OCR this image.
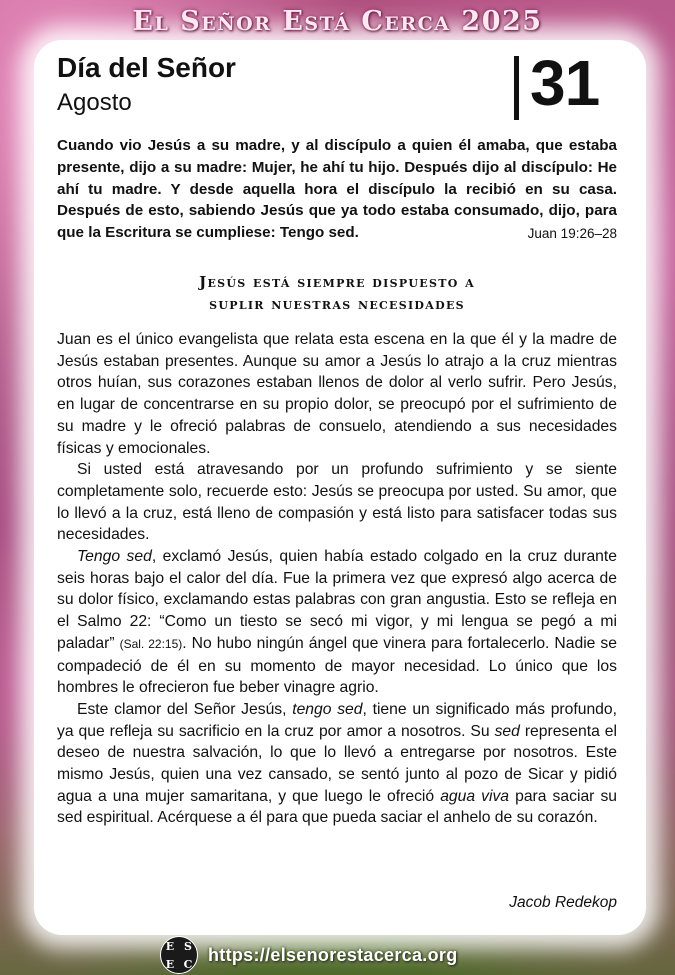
El Señor Está Cerca 2025
Día del Señor
Agosto	31
Cuando vio Jesús a su madre, y al discípulo a quien él amaba, que estaba presente, dijo a su madre: Mujer, he ahí tu hijo. Después dijo al discípulo: He ahí tu madre. Y desde aquella hora el discípulo la recibió en su casa. Después de esto, sabiendo Jesús que ya todo estaba consumado, dijo, para que la Escritura se cumpliese: Tengo sed.	Juan 19:26–28
Jesús está siempre dispuesto a
suplir nuestras necesidades

Juan es el único evangelista que relata esta escena en la que él y la madre de Jesús estaban presentes. Aunque su amor a Jesús lo atrajo a la cruz mientras otros huían, sus corazones estaban llenos de dolor al verlo sufrir. Pero Jesús, en lugar de concentrarse en su propio dolor, se preocupó por el sufrimiento de su madre y le ofreció palabras de consuelo, atendiendo a sus necesidades físicas y emocionales.

Si usted está atravesando por un profundo sufrimiento y se siente completamente solo, recuerde esto: Jesús se preocupa por usted. Su amor, que lo llevó a la cruz, está lleno de compasión y está listo para satisfacer todas sus necesidades.

Tengo sed, exclamó Jesús, quien había estado colgado en la cruz durante seis horas bajo el calor del día. Fue la primera vez que expresó algo acerca de su dolor físico, exclamando estas palabras con gran angustia. Esto se refleja en el Salmo 22: “Como un tiesto se secó mi vigor, y mi lengua se pegó a mi paladar” (Sal. 22:15). No hubo ningún ángel que vinera para fortalecerlo. Nadie se compadeció de él en su momento de mayor necesidad. Lo único que los hombres le ofrecieron fue beber vinagre agrio.

Este clamor del Señor Jesús, tengo sed, tiene un significado más profundo, ya que refleja su sacrificio en la cruz por amor a nosotros. Su sed representa el deseo de nuestra salvación, lo que lo llevó a entregarse por nosotros. Este mismo Jesús, quien una vez cansado, se sentó junto al pozo de Sicar y pidió agua a una mujer samaritana, y que luego le ofreció agua viva para saciar su sed espiritual. Acérquese a él para que pueda saciar el anhelo de su corazón.

Jacob Redekop
E S
E C https://elsenorestacerca.org
